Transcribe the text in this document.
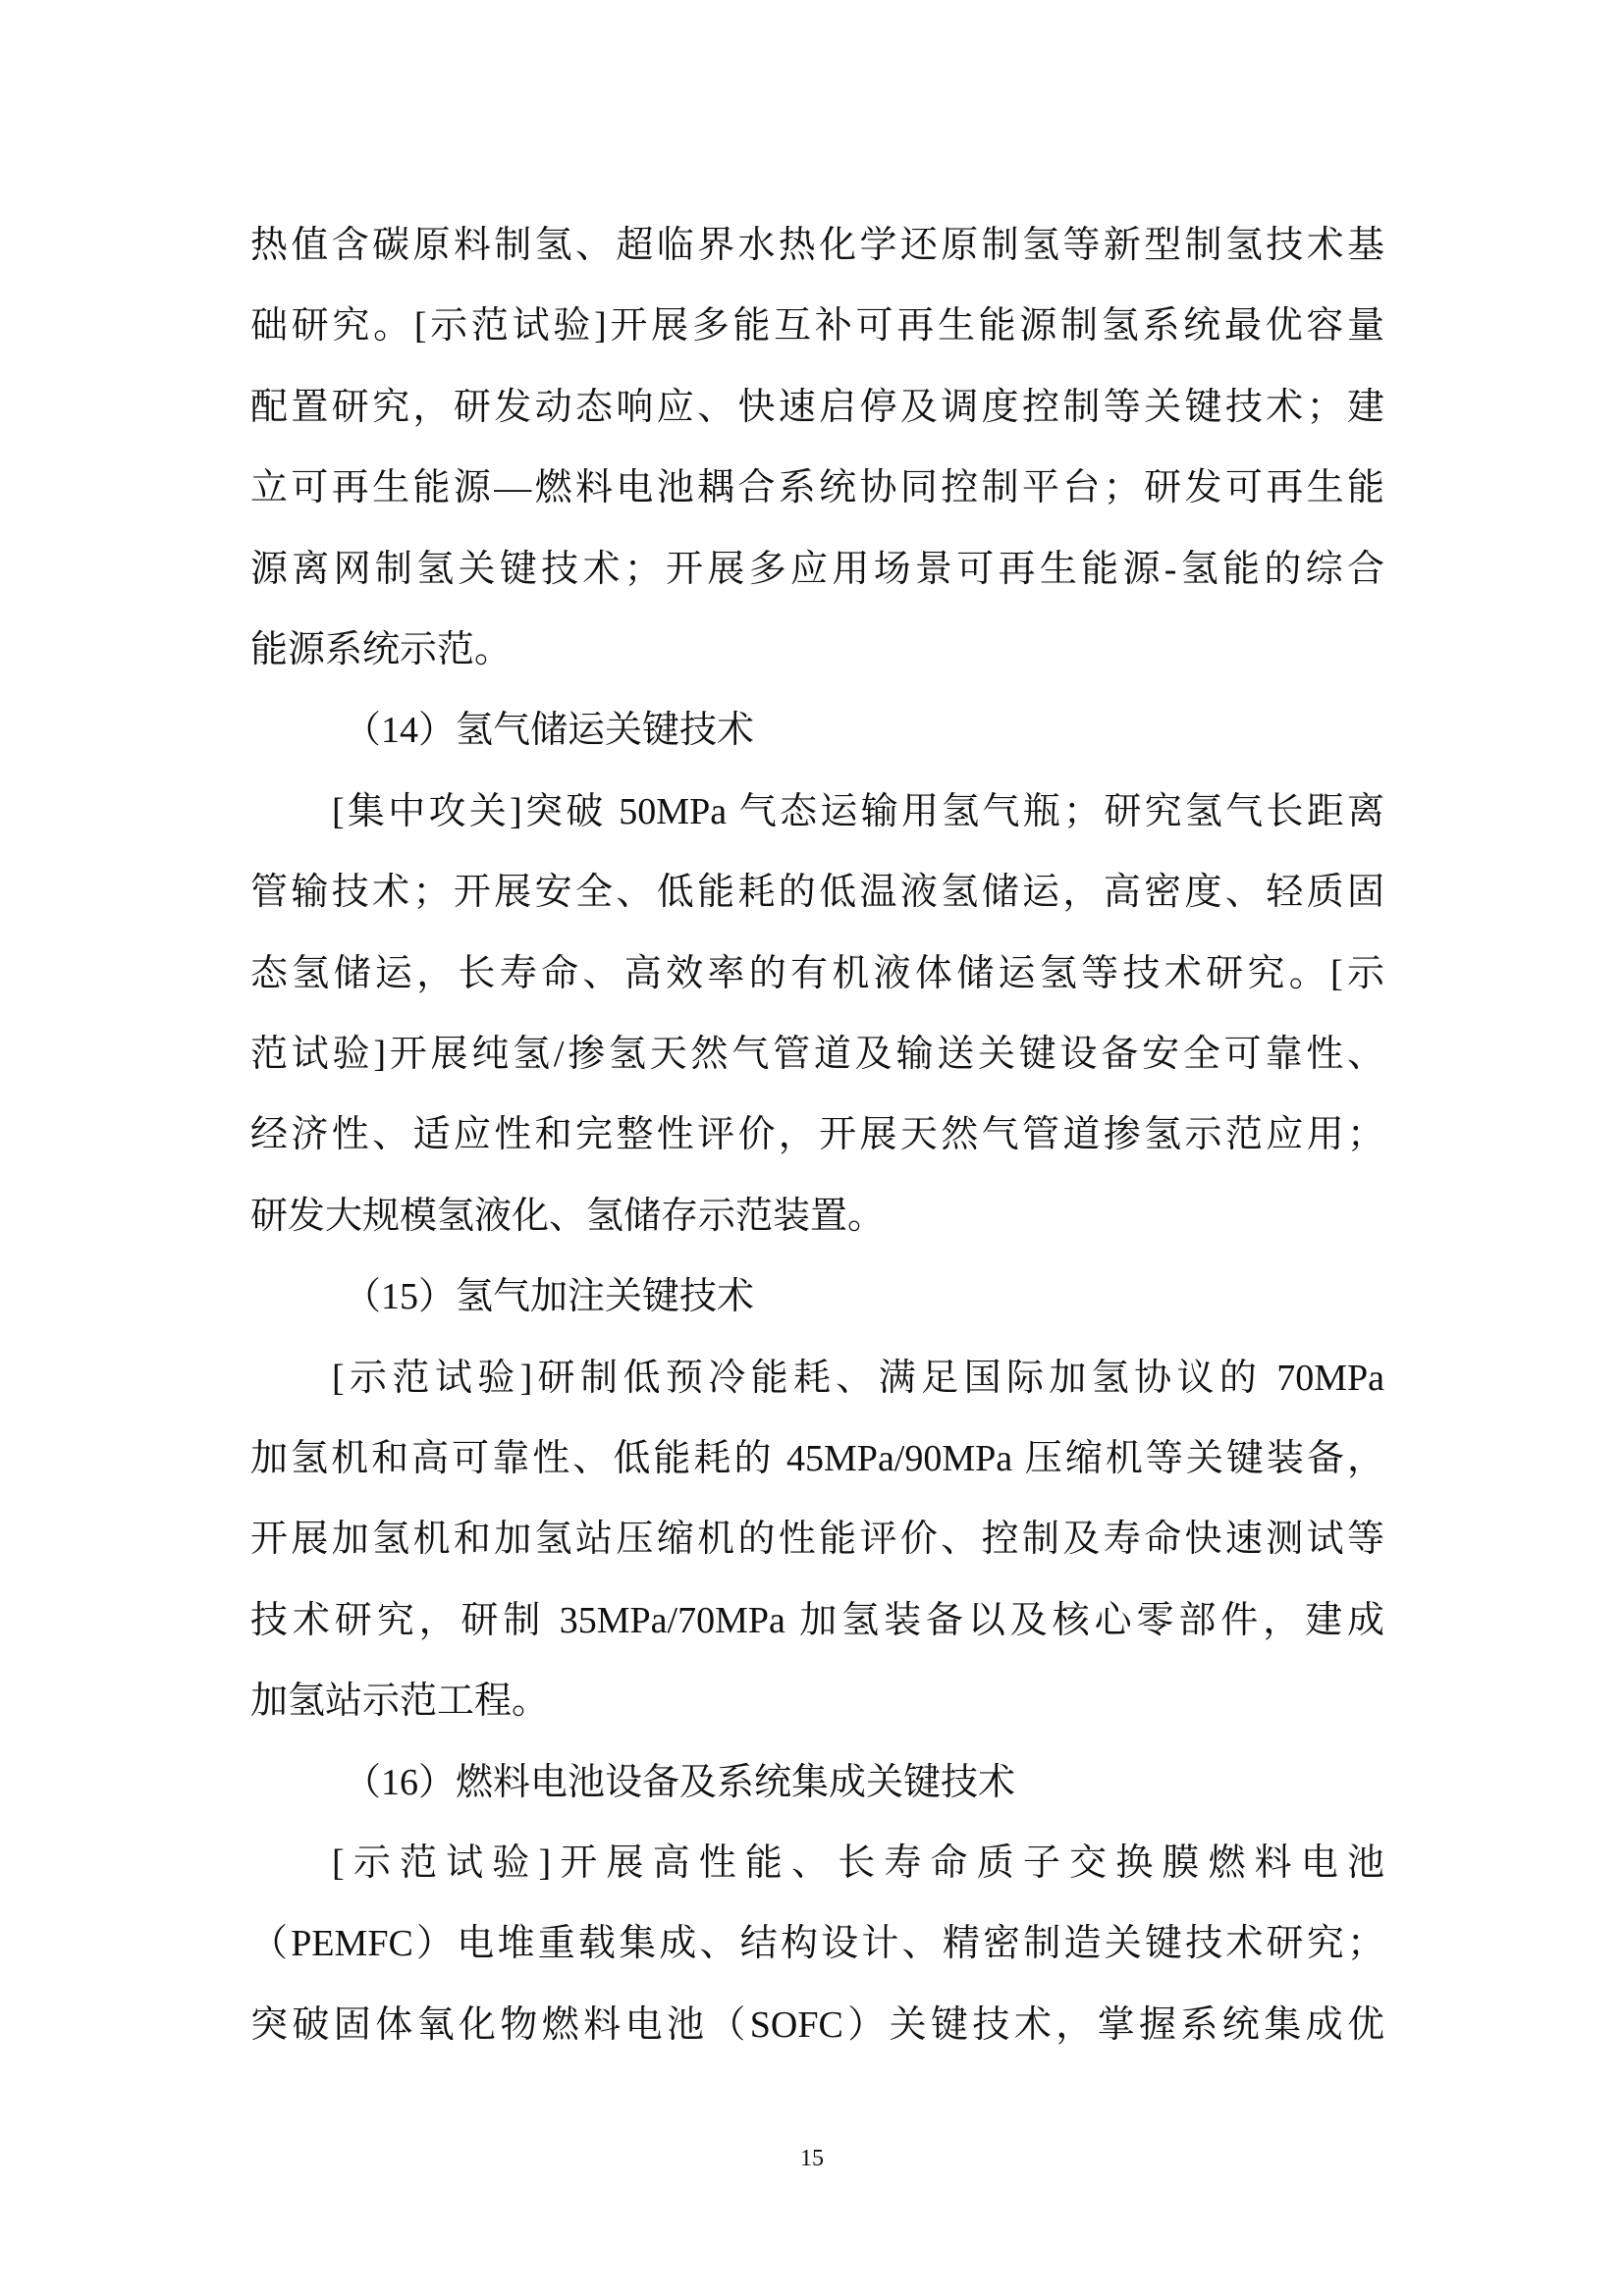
热值含碳原料制氢、超临界水热化学还原制氢等新型制氢技术基
础研究。[示范试验]开展多能互补可再生能源制氢系统最优容量
配置研究，研发动态响应、快速启停及调度控制等关键技术；建
立可再生能源—燃料电池耦合系统协同控制平台；研发可再生能
源离网制氢关键技术；开展多应用场景可再生能源-氢能的综合
能源系统示范。
（14）氢气储运关键技术
[集中攻关]突破 50MPa 气态运输用氢气瓶；研究氢气长距离
管输技术；开展安全、低能耗的低温液氢储运，高密度、轻质固
态氢储运，长寿命、高效率的有机液体储运氢等技术研究。[示
范试验]开展纯氢/掺氢天然气管道及输送关键设备安全可靠性、
经济性、适应性和完整性评价，开展天然气管道掺氢示范应用；
研发大规模氢液化、氢储存示范装置。
（15）氢气加注关键技术
[示范试验]研制低预冷能耗、满足国际加氢协议的 70MPa
加氢机和高可靠性、低能耗的 45MPa/90MPa 压缩机等关键装备，
开展加氢机和加氢站压缩机的性能评价、控制及寿命快速测试等
技术研究，研制 35MPa/70MPa 加氢装备以及核心零部件，建成
加氢站示范工程。
（16）燃料电池设备及系统集成关键技术
[示范试验]开展高性能、长寿命质子交换膜燃料电池
（PEMFC）电堆重载集成、结构设计、精密制造关键技术研究；
突破固体氧化物燃料电池（SOFC）关键技术，掌握系统集成优
15
